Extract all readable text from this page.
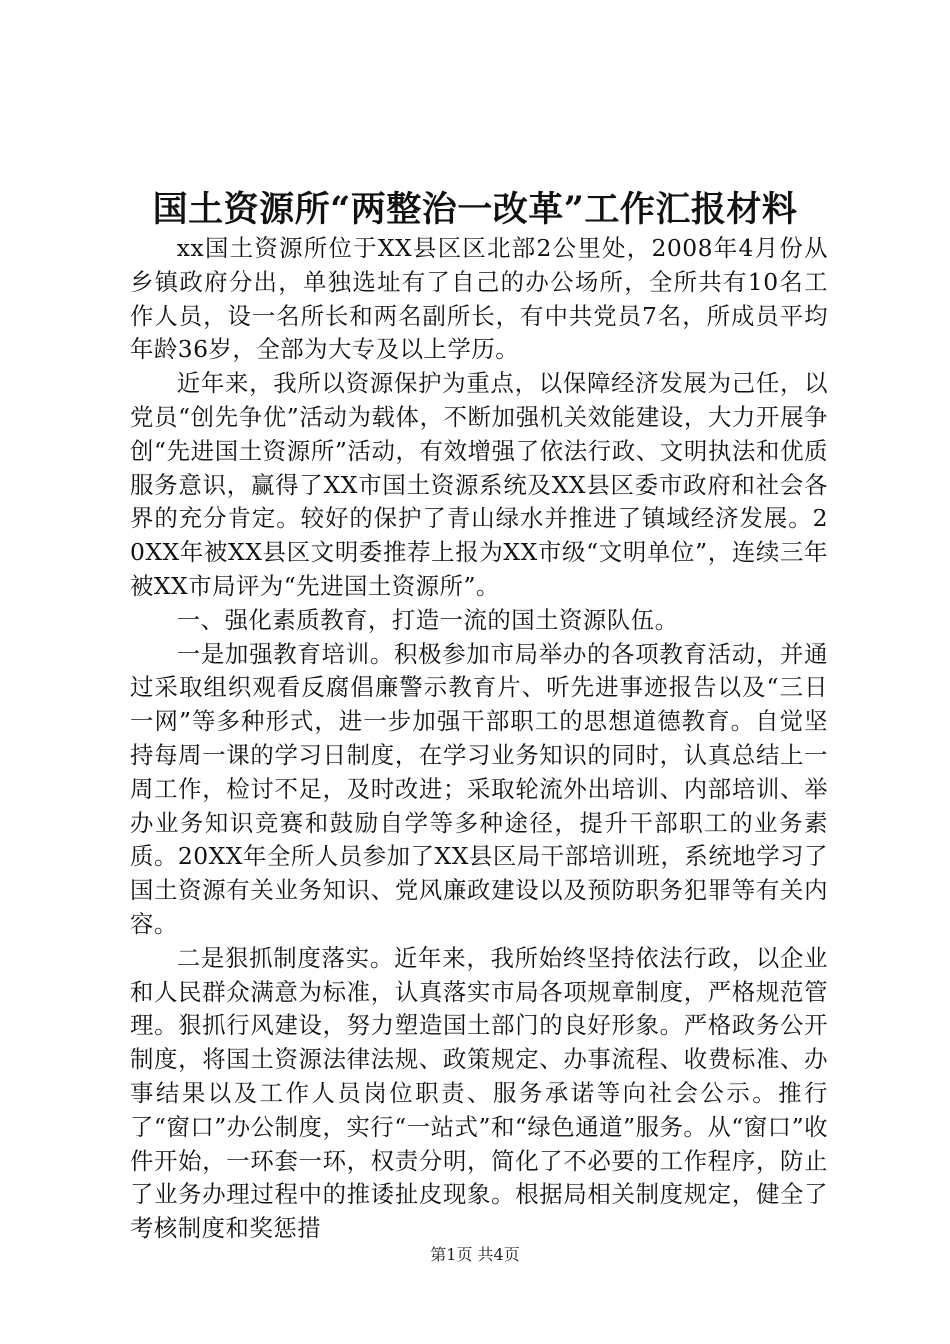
国土资源所“两整治一改革”工作汇报材料

xx国土资源所位于XX县区区北部2公里处，2008年4月份从乡镇政府分出，单独选址有了自己的办公场所，全所共有10名工作人员，设一名所长和两名副所长，有中共党员7名，所成员平均年龄36岁，全部为大专及以上学历。

近年来，我所以资源保护为重点，以保障经济发展为己任，以党员“创先争优”活动为载体，不断加强机关效能建设，大力开展争创“先进国土资源所”活动，有效增强了依法行政、文明执法和优质服务意识，赢得了XX市国土资源系统及XX县区委市政府和社会各界的充分肯定。较好的保护了青山绿水并推进了镇域经济发展。20XX年被XX县区文明委推荐上报为XX市级“文明单位”，连续三年被XX市局评为“先进国土资源所”。

一、强化素质教育，打造一流的国土资源队伍。

一是加强教育培训。积极参加市局举办的各项教育活动，并通过采取组织观看反腐倡廉警示教育片、听先进事迹报告以及“三日一网”等多种形式，进一步加强干部职工的思想道德教育。自觉坚持每周一课的学习日制度，在学习业务知识的同时，认真总结上一周工作，检讨不足，及时改进；采取轮流外出培训、内部培训、举办业务知识竞赛和鼓励自学等多种途径，提升干部职工的业务素质。20XX年全所人员参加了XX县区局干部培训班，系统地学习了国土资源有关业务知识、党风廉政建设以及预防职务犯罪等有关内容。

二是狠抓制度落实。近年来，我所始终坚持依法行政，以企业和人民群众满意为标准，认真落实市局各项规章制度，严格规范管理。狠抓行风建设，努力塑造国土部门的良好形象。严格政务公开制度，将国土资源法律法规、政策规定、办事流程、收费标准、办事结果以及工作人员岗位职责、服务承诺等向社会公示。推行了“窗口”办公制度，实行“一站式”和“绿色通道”服务。从“窗口”收件开始，一环套一环，权责分明，简化了不必要的工作程序，防止了业务办理过程中的推诿扯皮现象。根据局相关制度规定，健全了考核制度和奖惩措

第1页 共4页
